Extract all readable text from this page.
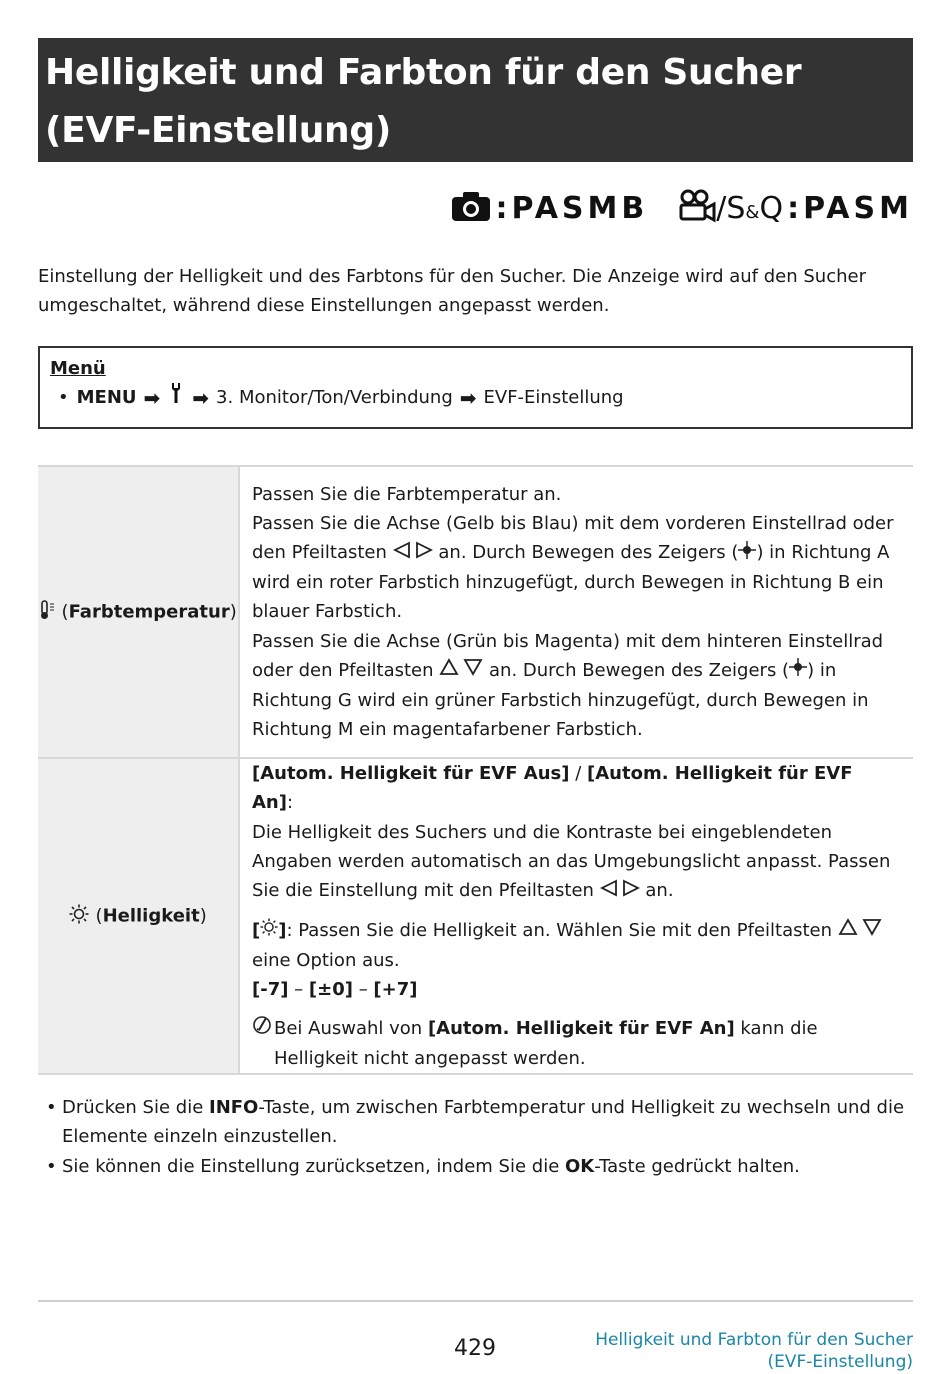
Helligkeit und Farbton für den Sucher (EVF-Einstellung)
: PASMB / S & Q : PASM

Einstellung der Helligkeit und des Farbtons für den Sucher. Die Anzeige wird auf den Sucher umgeschaltet, während diese Einstellungen angepasst werden.

Menü
• MENU ➡ ➡ 3. Monitor/Ton/Verbindung ➡ EVF-Einstellung
(Farbtemperatur)	Passen Sie die Farbtemperatur an.

Passen Sie die Achse (Gelb bis Blau) mit dem vorderen Einstellrad oder den Pfeiltasten an. Durch Bewegen des Zeigers ( ) in Richtung A wird ein roter Farbstich hinzugefügt, durch Bewegen in Richtung B ein blauer Farbstich.

Passen Sie die Achse (Grün bis Magenta) mit dem hinteren Einstellrad oder den Pfeiltasten an. Durch Bewegen des Zeigers ( ) in Richtung G wird ein grüner Farbstich hinzugefügt, durch Bewegen in Richtung M ein magentafarbener Farbstich.

(Helligkeit)	[Autom. Helligkeit für EVF Aus] / [Autom. Helligkeit für EVF An]:

Die Helligkeit des Suchers und die Kontraste bei eingeblendeten Angaben werden automatisch an das Umgebungslicht anpasst. Passen Sie die Einstellung mit den Pfeiltasten an.

[ ]: Passen Sie die Helligkeit an. Wählen Sie mit den Pfeiltasten  eine Option aus.

[-7] – [±0] – [+7]

Bei Auswahl von [Autom. Helligkeit für EVF An] kann die Helligkeit nicht angepasst werden.
• Drücken Sie die INFO-Taste, um zwischen Farbtemperatur und Helligkeit zu wechseln und die Elemente einzeln einzustellen.
• Sie können die Einstellung zurücksetzen, indem Sie die OK-Taste gedrückt halten.
429	Helligkeit und Farbton für den Sucher (EVF-Einstellung)
